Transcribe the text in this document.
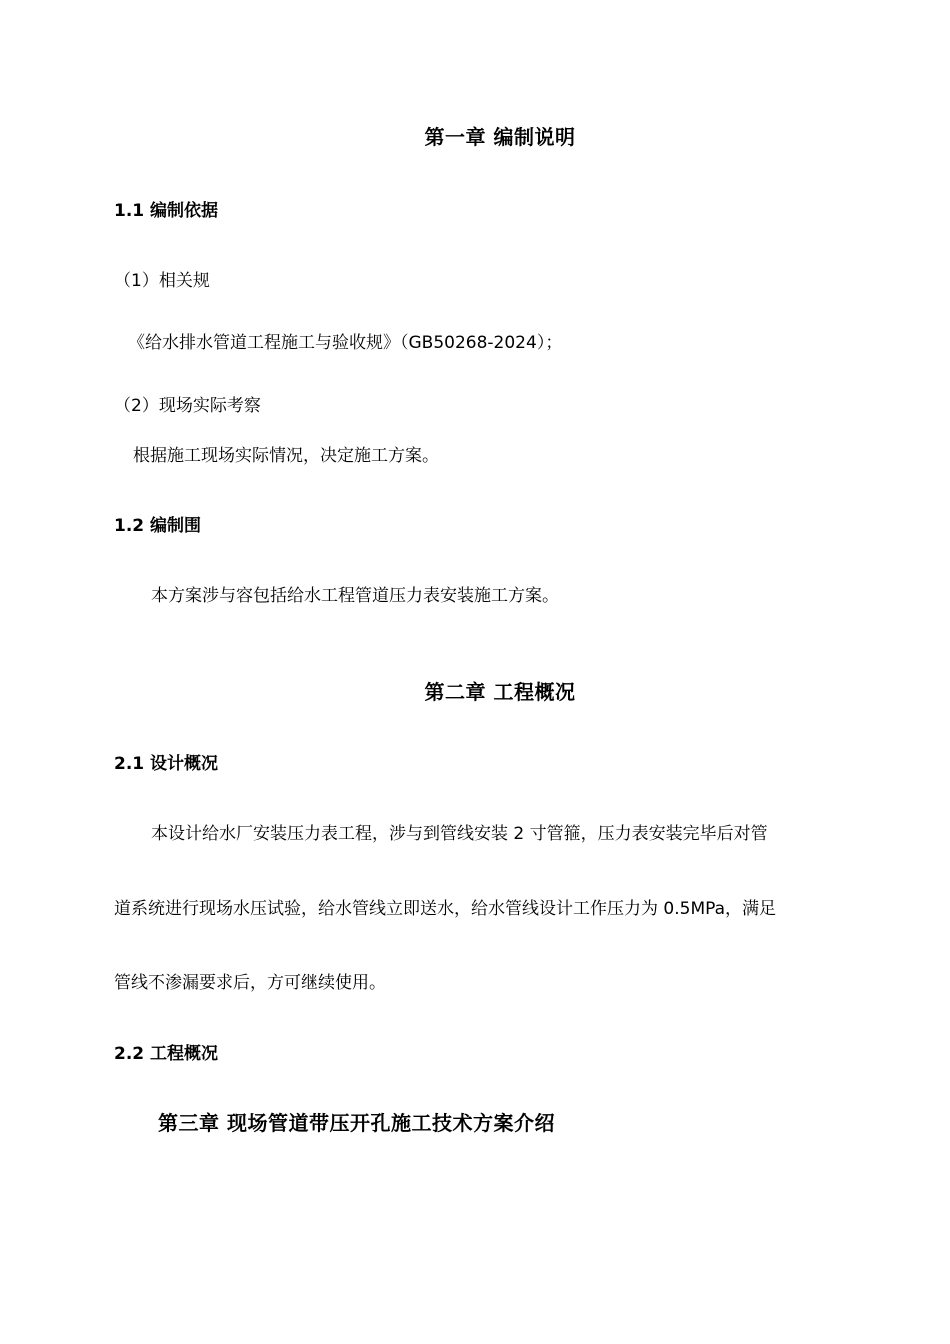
第一章 编制说明
1.1 编制依据
（1）相关规
《给水排水管道工程施工与验收规》（GB50268-2024）；
（2）现场实际考察
根据施工现场实际情况，决定施工方案。
1.2 编制围
本方案涉与容包括给水工程管道压力表安装施工方案。
第二章 工程概况
2.1 设计概况
本设计给水厂安装压力表工程，涉与到管线安装 2 寸管箍，压力表安装完毕后对管
道系统进行现场水压试验，给水管线立即送水，给水管线设计工作压力为 0.5MPa，满足
管线不渗漏要求后，方可继续使用。
2.2 工程概况
第三章 现场管道带压开孔施工技术方案介绍
